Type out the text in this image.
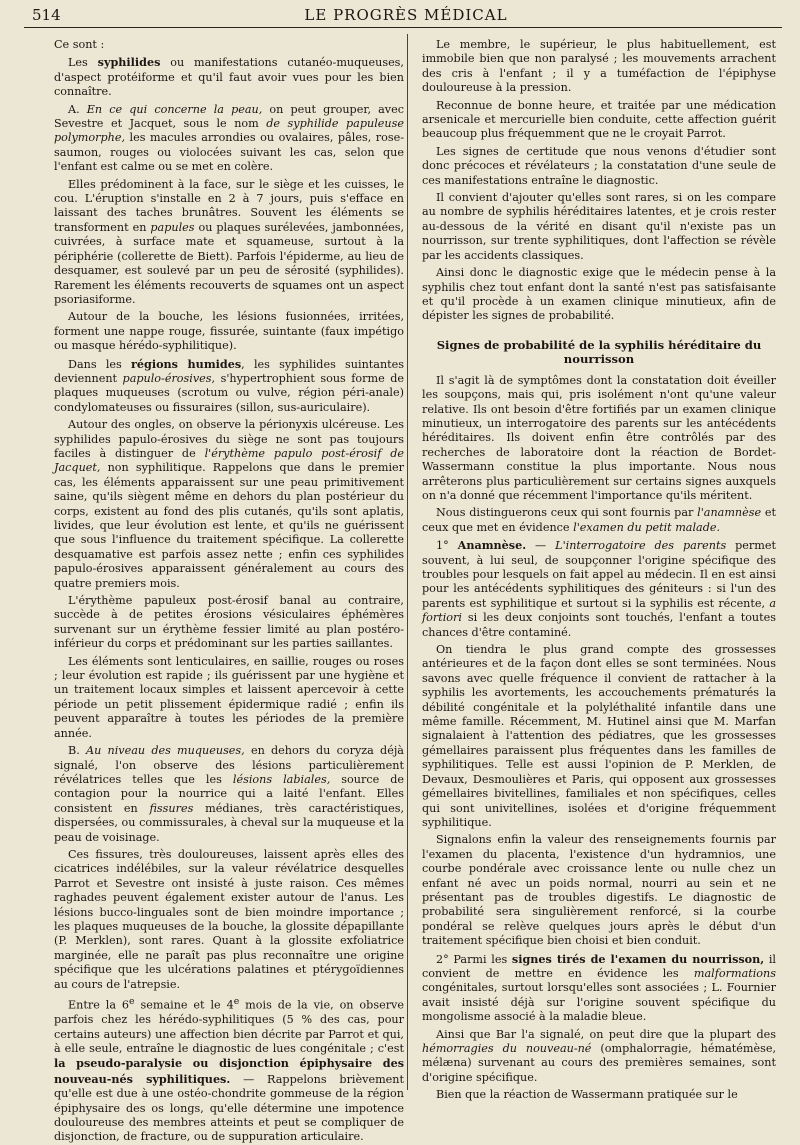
514	LE PROGRÈS MÉDICAL

Ce sont :

Les syphilides ou manifestations cutanéo-muqueuses, d'aspect protéiforme et qu'il faut avoir vues pour les bien connaître.

A. En ce qui concerne la peau, on peut grouper, avec Sevestre et Jacquet, sous le nom de syphilide papuleuse polymorphe, les macules arrondies ou ovalaires, pâles, rose-saumon, rouges ou violocées suivant les cas, selon que l'enfant est calme ou se met en colère.

Elles prédominent à la face, sur le siège et les cuisses, le cou. L'éruption s'installe en 2 à 7 jours, puis s'efface en laissant des taches brunâtres. Souvent les éléments se transforment en papules ou plaques surélevées, jambonnées, cuivrées, à surface mate et squameuse, surtout à la périphérie (collerette de Biett). Parfois l'épiderme, au lieu de desquamer, est soulevé par un peu de sérosité (syphilides). Rarement les éléments recouverts de squames ont un aspect psoriasiforme.

Autour de la bouche, les lésions fusionnées, irritées, forment une nappe rouge, fissurée, suintante (faux impétigo ou masque hérédo-syphilitique).

Dans les régions humides, les syphilides suintantes deviennent papulo-érosives, s'hypertrophient sous forme de plaques muqueuses (scrotum ou vulve, région péri-anale) condylomateuses ou fissuraires (sillon, sus-auriculaire).

Autour des ongles, on observe la périonyxis ulcéreuse. Les syphilides papulo-érosives du siège ne sont pas toujours faciles à distinguer de l'érythème papulo post-érosif de Jacquet, non syphilitique. Rappelons que dans le premier cas, les éléments apparaissent sur une peau primitivement saine, qu'ils siègent même en dehors du plan postérieur du corps, existent au fond des plis cutanés, qu'ils sont aplatis, livides, que leur évolution est lente, et qu'ils ne guérissent que sous l'influence du traitement spécifique. La collerette desquamative est parfois assez nette ; enfin ces syphilides papulo-érosives apparaissent généralement au cours des quatre premiers mois.

L'érythème papuleux post-érosif banal au contraire, succède à de petites érosions vésiculaires éphémères survenant sur un érythème fessier limité au plan postéro-inférieur du corps et prédominant sur les parties saillantes.

Les éléments sont lenticulaires, en saillie, rouges ou roses ; leur évolution est rapide ; ils guérissent par une hygiène et un traitement locaux simples et laissent apercevoir à cette période un petit plissement épidermique radié ; enfin ils peuvent apparaître à toutes les périodes de la première année.

B. Au niveau des muqueuses, en dehors du coryza déjà signalé, l'on observe des lésions particulièrement révélatrices telles que les lésions labiales, source de contagion pour la nourrice qui a laité l'enfant. Elles consistent en fissures médianes, très caractéristiques, dispersées, ou commissurales, à cheval sur la muqueuse et la peau de voisinage.

Ces fissures, très douloureuses, laissent après elles des cicatrices indélébiles, sur la valeur révélatrice desquelles Parrot et Sevestre ont insisté à juste raison. Ces mêmes raghades peuvent également exister autour de l'anus. Les lésions bucco-linguales sont de bien moindre importance ; les plaques muqueuses de la bouche, la glossite dépapillante (P. Merklen), sont rares. Quant à la glossite exfoliatrice marginée, elle ne paraît pas plus reconnaître une origine spécifique que les ulcérations palatines et ptérygoïdiennes au cours de l'atrepsie.

Entre la 6e semaine et le 4e mois de la vie, on observe parfois chez les hérédo-syphilitiques (5 % des cas, pour certains auteurs) une affection bien décrite par Parrot et qui, à elle seule, entraîne le diagnostic de lues congénitale ; c'est la pseudo-paralysie ou disjonction épiphysaire des nouveau-nés syphilitiques. — Rappelons brièvement qu'elle est due à une ostéo-chondrite gommeuse de la région épiphysaire des os longs, qu'elle détermine une impotence douloureuse des membres atteints et peut se compliquer de disjonction, de fracture, ou de suppuration articulaire.

Le membre, le supérieur, le plus habituellement, est immobile bien que non paralysé ; les mouvements arrachent des cris à l'enfant ; il y a tuméfaction de l'épiphyse douloureuse à la pression.

Reconnue de bonne heure, et traitée par une médication arsenicale et mercurielle bien conduite, cette affection guérit beaucoup plus fréquemment que ne le croyait Parrot.

Les signes de certitude que nous venons d'étudier sont donc précoces et révélateurs ; la constatation d'une seule de ces manifestations entraîne le diagnostic.

Il convient d'ajouter qu'elles sont rares, si on les compare au nombre de syphilis héréditaires latentes, et je crois rester au-dessous de la vérité en disant qu'il n'existe pas un nourrisson, sur trente syphilitiques, dont l'affection se révèle par les accidents classiques.

Ainsi donc le diagnostic exige que le médecin pense à la syphilis chez tout enfant dont la santé n'est pas satisfaisante et qu'il procède à un examen clinique minutieux, afin de dépister les signes de probabilité.

Signes de probabilité de la syphilis héréditaire du nourrisson

Il s'agit là de symptômes dont la constatation doit éveiller les soupçons, mais qui, pris isolément n'ont qu'une valeur relative. Ils ont besoin d'être fortifiés par un examen clinique minutieux, un interrogatoire des parents sur les antécédents héréditaires. Ils doivent enfin être contrôlés par des recherches de laboratoire dont la réaction de Bordet-Wassermann constitue la plus importante. Nous nous arrêterons plus particulièrement sur certains signes auxquels on n'a donné que récemment l'importance qu'ils méritent.

Nous distinguerons ceux qui sont fournis par l'anamnèse et ceux que met en évidence l'examen du petit malade.

1° Anamnèse. — L'interrogatoire des parents permet souvent, à lui seul, de soupçonner l'origine spécifique des troubles pour lesquels on fait appel au médecin. Il en est ainsi pour les antécédents syphilitiques des géniteurs : si l'un des parents est syphilitique et surtout si la syphilis est récente, a fortiori si les deux conjoints sont touchés, l'enfant a toutes chances d'être contaminé.

On tiendra le plus grand compte des grossesses antérieures et de la façon dont elles se sont terminées. Nous savons avec quelle fréquence il convient de rattacher à la syphilis les avortements, les accouchements prématurés la débilité congénitale et la polyléthalité infantile dans une même famille. Récemment, M. Hutinel ainsi que M. Marfan signalaient à l'attention des pédiatres, que les grossesses gémellaires paraissent plus fréquentes dans les familles de syphilitiques. Telle est aussi l'opinion de P. Merklen, de Devaux, Desmoulières et Paris, qui opposent aux grossesses gémellaires bivitellines, familiales et non spécifiques, celles qui sont univitellines, isolées et d'origine fréquemment syphilitique.

Signalons enfin la valeur des renseignements fournis par l'examen du placenta, l'existence d'un hydramnios, une courbe pondérale avec croissance lente ou nulle chez un enfant né avec un poids normal, nourri au sein et ne présentant pas de troubles digestifs. Le diagnostic de probabilité sera singulièrement renforcé, si la courbe pondéral se relève quelques jours après le début d'un traitement spécifique bien choisi et bien conduit.

2° Parmi les signes tirés de l'examen du nourrisson, il convient de mettre en évidence les malformations congénitales, surtout lorsqu'elles sont associées ; L. Fournier avait insisté déjà sur l'origine souvent spécifique du mongolisme associé à la maladie bleue.

Ainsi que Bar l'a signalé, on peut dire que la plupart des hémorragies du nouveau-né (omphalorragie, hématémèse, mélæna) survenant au cours des premières semaines, sont d'origine spécifique.

Bien que la réaction de Wassermann pratiquée sur le
